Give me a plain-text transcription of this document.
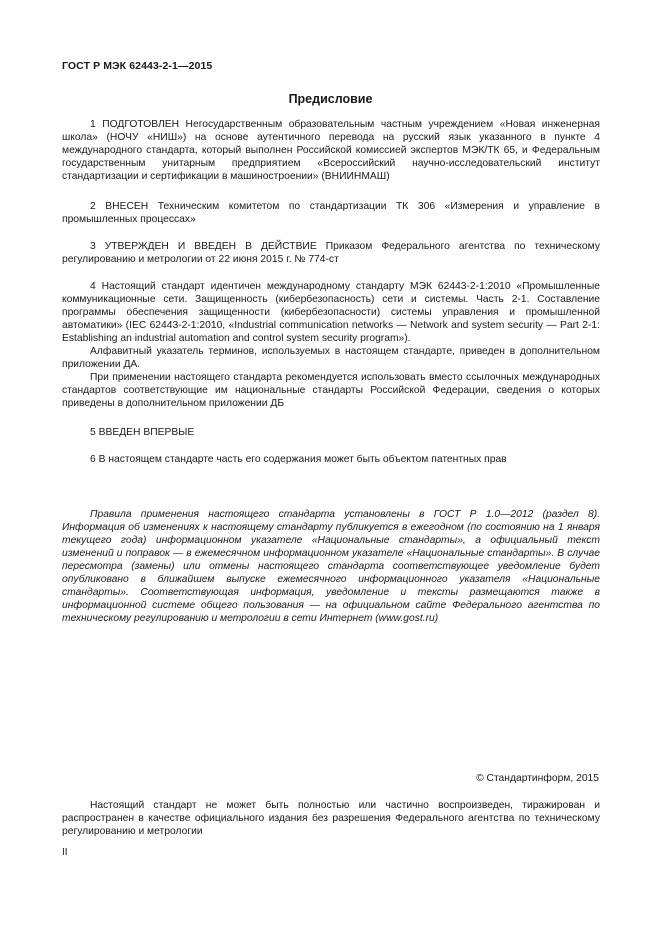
ГОСТ Р МЭК 62443-2-1—2015
Предисловие

1 ПОДГОТОВЛЕН Негосударственным образовательным частным учреждением «Новая инженерная школа» (НОЧУ «НИШ») на основе аутентичного перевода на русский язык указанного в пункте 4 международного стандарта, который выполнен Российской комиссией экспертов МЭК/ТК 65, и Федеральным государственным унитарным предприятием «Всероссийский научно-исследовательский институт стандартизации и сертификации в машиностроении» (ВНИИНМАШ)

2 ВНЕСЕН Техническим комитетом по стандартизации ТК 306 «Измерения и управление в промышленных процессах»

3 УТВЕРЖДЕН И ВВЕДЕН В ДЕЙСТВИЕ Приказом Федерального агентства по техническому регулированию и метрологии от 22 июня 2015 г. № 774-ст

4 Настоящий стандарт идентичен международному стандарту МЭК 62443-2-1:2010 «Промышленные коммуникационные сети. Защищенность (кибербезопасность) сети и системы. Часть 2-1. Составление программы обеспечения защищенности (кибербезопасности) системы управления и промышленной автоматики» (IEC 62443-2-1:2010, «Industrial communication networks — Network and system security — Part 2-1: Establishing an industrial automation and control system security program»).

Алфавитный указатель терминов, используемых в настоящем стандарте, приведен в дополнительном приложении ДА.

При применении настоящего стандарта рекомендуется использовать вместо ссылочных международных стандартов соответствующие им национальные стандарты Российской Федерации, сведения о которых приведены в дополнительном приложении ДБ

5 ВВЕДЕН ВПЕРВЫЕ

6 В настоящем стандарте часть его содержания может быть объектом патентных прав

Правила применения настоящего стандарта установлены в ГОСТ Р 1.0—2012 (раздел 8). Информация об изменениях к настоящему стандарту публикуется в ежегодном (по состоянию на 1 января текущего года) информационном указателе «Национальные стандарты», а официальный текст изменений и поправок — в ежемесячном информационном указателе «Национальные стандарты». В случае пересмотра (замены) или отмены настоящего стандарта соответствующее уведомление будет опубликовано в ближайшем выпуске ежемесячного информационного указателя «Национальные стандарты». Соответствующая информация, уведомление и тексты размещаются также в информационной системе общего пользования — на официальном сайте Федерального агентства по техническому регулированию и метрологии в сети Интернет (www.gost.ru)

© Стандартинформ, 2015

Настоящий стандарт не может быть полностью или частично воспроизведен, тиражирован и распространен в качестве официального издания без разрешения Федерального агентства по техническому регулированию и метрологии

II
